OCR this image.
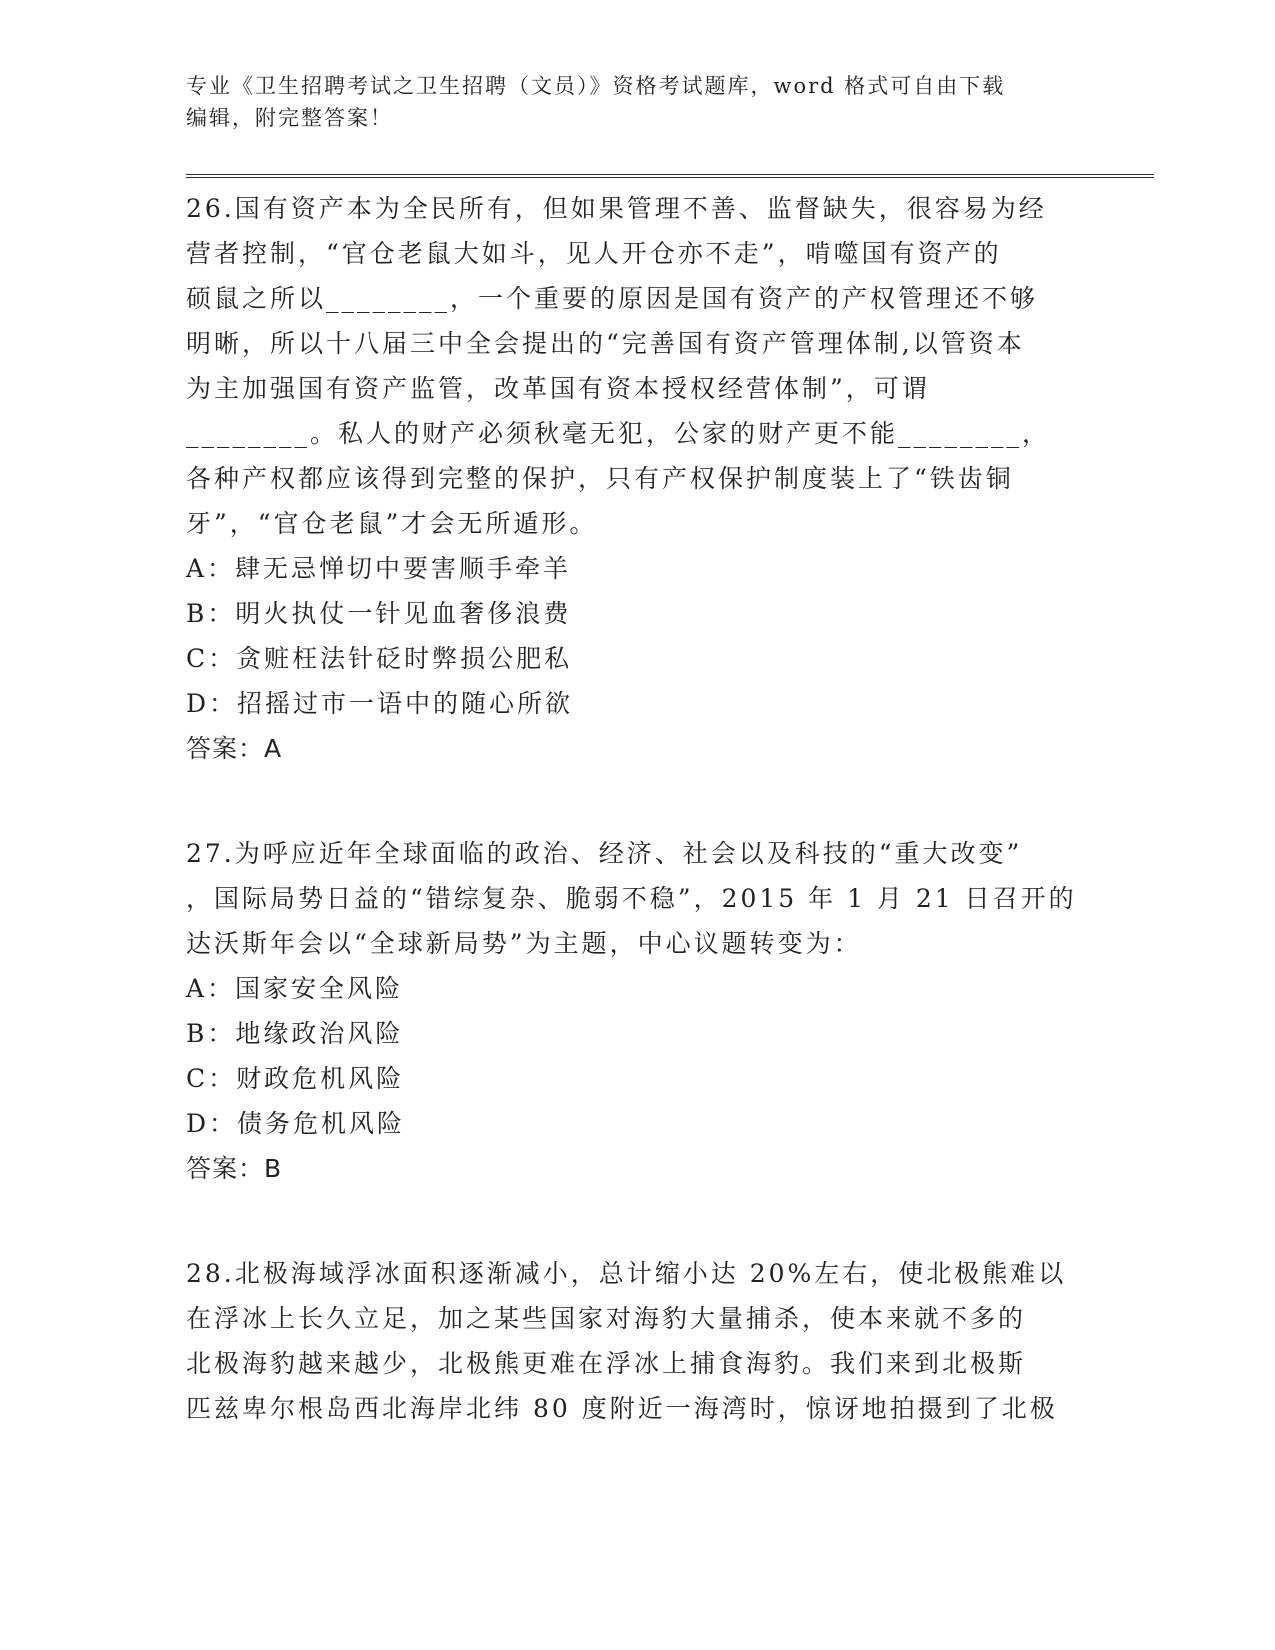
专业《卫生招聘考试之卫生招聘（文员）》资格考试题库，word 格式可自由下载
编辑，附完整答案！
26.国有资产本为全民所有，但如果管理不善、监督缺失，很容易为经
营者控制，“官仓老鼠大如斗，见人开仓亦不走”，啃噬国有资产的
硕鼠之所以________，一个重要的原因是国有资产的产权管理还不够
明晰，所以十八届三中全会提出的“完善国有资产管理体制,以管资本
为主加强国有资产监管，改革国有资本授权经营体制”，可谓
________。私人的财产必须秋毫无犯，公家的财产更不能________，
各种产权都应该得到完整的保护，只有产权保护制度装上了“铁齿铜
牙”，“官仓老鼠”才会无所遁形。
A：肆无忌惮切中要害顺手牵羊
B：明火执仗一针见血奢侈浪费
C：贪赃枉法针砭时弊损公肥私
D：招摇过市一语中的随心所欲
答案：A
27.为呼应近年全球面临的政治、经济、社会以及科技的“重大改变”
，国际局势日益的“错综复杂、脆弱不稳”，2015 年 1 月 21 日召开的
达沃斯年会以“全球新局势”为主题，中心议题转变为：
A：国家安全风险
B：地缘政治风险
C：财政危机风险
D：债务危机风险
答案：B
28.北极海域浮冰面积逐渐减小，总计缩小达 20%左右，使北极熊难以
在浮冰上长久立足，加之某些国家对海豹大量捕杀，使本来就不多的
北极海豹越来越少，北极熊更难在浮冰上捕食海豹。我们来到北极斯
匹兹卑尔根岛西北海岸北纬 80 度附近一海湾时，惊讶地拍摄到了北极
